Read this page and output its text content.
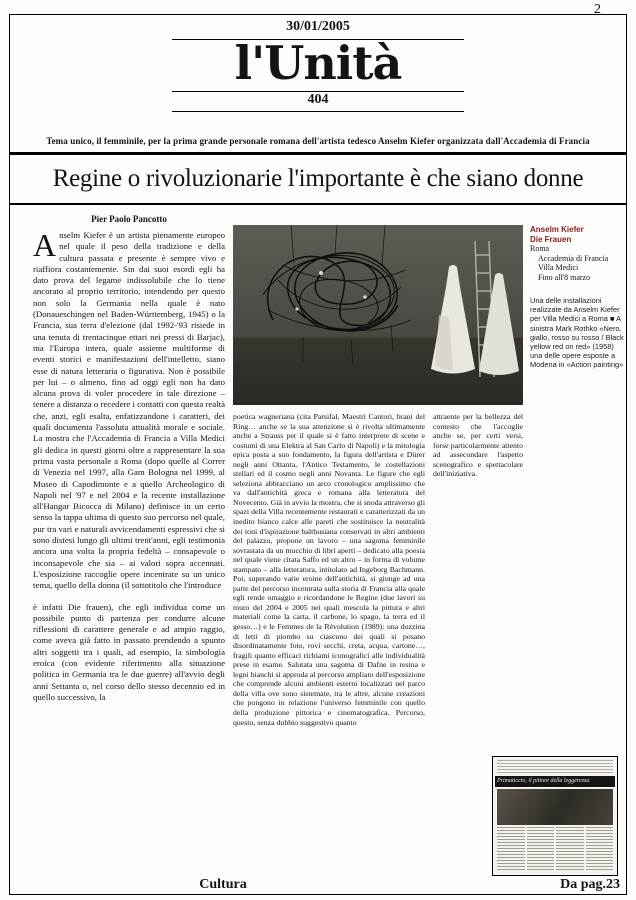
2
30/01/2005
l'Unità
404
Tema unico, il femminile, per la prima grande personale romana dell'artista tedesco Anselm Kiefer organizzata dall'Accademia di Francia
Regine o rivoluzionarie l'importante è che siano donne
Pier Paolo Pancotto

Anselm Kiefer è un artista pienamente europeo nel quale il peso della tradizione e della cultura passata e presente è sempre vivo e riaffiora costantemente. Sin dai suoi esordi egli ha dato prova del legame indissolubile che lo tiene ancorato al proprio territorio, intendendo per questo non solo la Germania nella quale è nato (Donaueschingen nel Baden-Württemberg, 1945) o la Francia, sua terra d'elezione (dal 1992-'93 risiede in una tenuta di trentacinque ettari nei pressi di Barjac), ma l'Europa intera, quale assieme multiforme di eventi storici e manifestazioni dell'intelletto, siano esse di natura letteraria o figurativa. Non è possibile per lui – o almeno, fino ad oggi egli non ha dato alcuna prova di voler procedere in tale direzione – tenere a distanza o recedere i contatti con questa realtà che, anzi, egli esalta, enfatizzandone i caratteri, dei quali documenta l'assoluta attualità morale e sociale. La mostra che l'Accademia di Francia a Villa Medici gli dedica in questi giorni oltre a rappresentare la sua prima vasta personale a Roma (dopo quelle al Correr di Venezia nel 1997, alla Gam Bologna nel 1999, al Museo di Capodimonte e a quello Archeologico di Napoli nel '97 e nel 2004 e la recente installazione all'Hangar Bicocca di Milano) definisce in un certo senso la tappa ultima di questo suo percorso nel quale, pur tra vari e naturali avvicendamenti espressivi che si sono distesi lungo gli ultimi trent'anni, egli testimonia ancora una volta la propria fedeltà – consapevole o inconsapevole che sia – ai valori sopra accennati. L'esposizione raccoglie opere incentrate su un unico tema, quello della donna (il sottotitolo che l'introduce

è infatti Die frauen), che egli individua come un possibile punto di partenza per condurre alcune riflessioni di carattere generale e ad ampio raggio, come aveva già fatto in passato prendendo a spunto altri soggetti tra i quali, ad esempio, la simbologia eroica (con evidente riferimento alla situazione politica in Germania tra le due guerre) all'avvio degli anni Settanta o, nel corso dello stesso decennio ed in quello successivo, la

poetica wagneriana (cita Parsifal, Maestri Cantori, brani del Ring… anche se la sua attenzione si è rivolta ultimamente anche a Strauss per il quale si è fatto interprete di scene e costumi di una Elektra al San Carlo di Napoli) e la mitologia epica posta a suo fondamento, la figura dell'artista e Dürer negli anni Ottanta, l'Antico Testamento, le costellazioni stellari ed il cosmo negli anni Novanta. Le figure che egli seleziona abbracciano un arco cronologico amplissimo che va dall'antichità greca e romana alla letteratura del Novecento. Già in avvio la mostra, che si snoda attraverso gli spazi della Villa recentemente restaurati e caratterizzati da un inedito bianco calce alle pareti che sostituisce la neutralità dei toni d'ispirazione balthusiana conservati in altri ambienti del palazzo, propone un lavoro – una sagoma femminile sovrastata da un mucchio di libri aperti – dedicato alla poesia nel quale viene citata Saffo ed un altro – in forma di volume stampato – alla letteratura, intitolato ad Ingeborg Bachmann. Poi, superando varie eroine dell'antichità, si giunge ad una parte del percorso incentrata sulla storia di Francia alla quale egli rende omaggio e ricordandone le Regine (due lavori su muro del 2004 e 2005 nei quali mescola la pittura e altri materiali come la carta, il carbone, lo spago, la terra ed il gesso…) e le Femmes de la Révolution (1989): una dozzina di letti di piombo su ciascuno dei quali si posano disordinatamente foto, rovi secchi, creta, acqua, cartone…, fragili quanto efficaci richiami iconografici alle individualità prese in esame. Salutata una sagoma di Dafne in resina e legni bianchi si approda al percorso ampliato dell'esposizione che comprende alcuni ambienti esterni localizzati nel parco della villa ove sono sistemate, tra le altre, alcune creazioni che pongono in relazione l'universo femminile con quello della produzione pittorica e cinematografica. Percorso, questo, senza dubbio suggestivo quanto

attraente per la bellezza del contesto che l'accoglie anche se, per certi versi, forse particolarmente attento ad assecondare l'aspetto scenografico e spettacolare dell'iniziativa.

Anselm Kiefer
Die Frauen
Roma
Accademia di Francia
Villa Medici
Fino all'8 marzo
Una delle installazioni realizzate da Anselm Kiefer per Villa Medici a Roma ■ A sinistra Mark Rothko «Nero, giallo, rosso su rosso / Black yellow red on red» (1958) una delle opere esposte a Modena in «Action painting»
Primaticcio, il pittore della leggerezza
Cultura	Da pag.23
